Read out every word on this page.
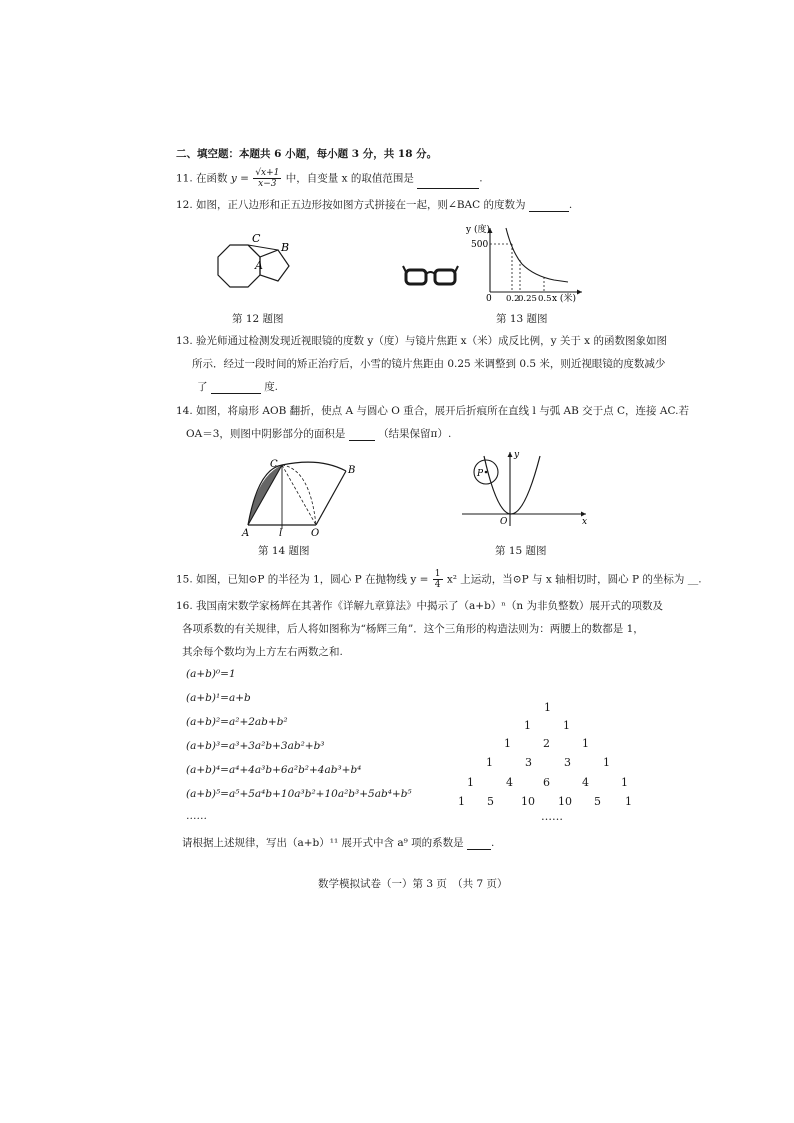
二、填空题：本题共 6 小题，每小题 3 分，共 18 分。
11. 在函数 $y = \frac{√x+1}{x-3}$ 中，自变量 x 的取值范围是	.
12. 如图，正八边形和正五边形按如图方式拼接在一起，则∠BAC 的度数为	.
C
B
A
y (度)
500
0 0.2
0.25 0.5 x (米)
第 12 题图	第 13 题图
13. 验光师通过检测发现近视眼镜的度数 y（度）与镜片焦距 x（米）成反比例，y 关于 x 的函数图象如图
所示．经过一段时间的矫正治疗后，小雪的镜片焦距由 0.25 米调整到 0.5 米，则近视眼镜的度数减少
了	度.
14. 如图，将扇形 AOB 翻折，使点 A 与圆心 O 重合，展开后折痕所在直线 l 与弧 AB 交于点 C，连接 AC.若
OA＝3，则图中阴影部分的面积是	（结果保留π）.
C
B
A	l	O
P
O	x
y
第 14 题图	第 15 题图
15. 如图，已知⊙P 的半径为 1，圆心 P 在抛物线 $y = \frac{1}{4} x^2$ 上运动，当⊙P 与 x 轴相切时，圆心 P 的坐标为 __.
16. 我国南宋数学家杨辉在其著作《详解九章算法》中揭示了（a+b）ⁿ（n 为非负整数）展开式的项数及
各项系数的有关规律，后人将如图称为“杨辉三角”．这个三角形的构造法则为：两腰上的数都是 1，
其余每个数均为上方左右两数之和.
(a+b)⁰=1
(a+b)¹=a+b
(a+b)²=a²+2ab+b²
(a+b)³=a³+3a²b+3ab²+b³
(a+b)⁴=a⁴+4a³b+6a²b²+4ab³+b⁴
(a+b)⁵=a⁵+5a⁴b+10a³b²+10a²b³+5ab⁴+b⁵
……
1
1	1
1	2	1
1	3	3	1
1	4	6	4	1
1 5 10 10 5 1
……
请根据上述规律，写出（a+b）¹¹ 展开式中含 a⁹ 项的系数是	.
数学模拟试卷（一）第 3 页　（共 7 页）
